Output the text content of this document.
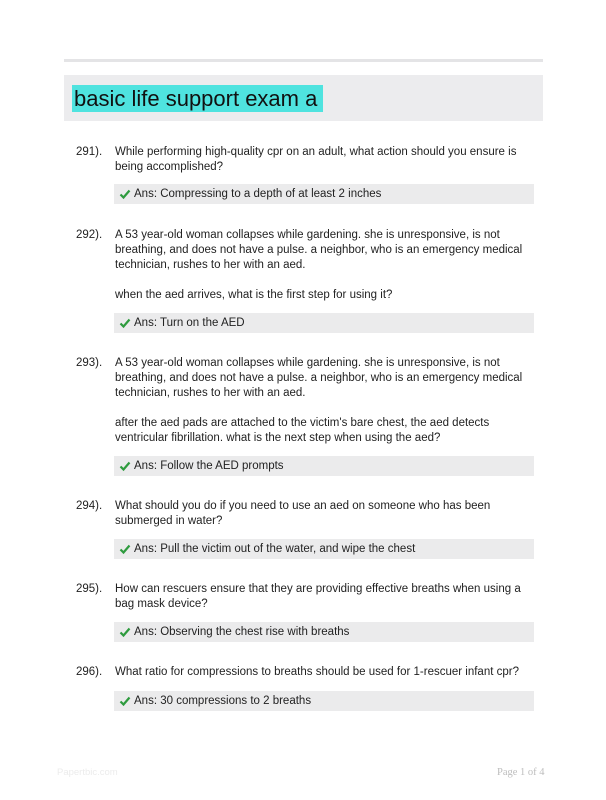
basic life support exam a
291). While performing high-quality cpr on an adult, what action should you ensure is being accomplished?

Ans: Compressing to a depth of at least 2 inches
292). A 53 year-old woman collapses while gardening. she is unresponsive, is not breathing, and does not have a pulse. a neighbor, who is an emergency medical technician, rushes to her with an aed.

when the aed arrives, what is the first step for using it?

Ans: Turn on the AED
293). A 53 year-old woman collapses while gardening. she is unresponsive, is not breathing, and does not have a pulse. a neighbor, who is an emergency medical technician, rushes to her with an aed.

after the aed pads are attached to the victim's bare chest, the aed detects ventricular fibrillation. what is the next step when using the aed?

Ans: Follow the AED prompts
294). What should you do if you need to use an aed on someone who has been submerged in water?

Ans: Pull the victim out of the water, and wipe the chest
295). How can rescuers ensure that they are providing effective breaths when using a bag mask device?

Ans: Observing the chest rise with breaths
296). What ratio for compressions to breaths should be used for 1-rescuer infant cpr?

Ans: 30 compressions to 2 breaths
Papertbic.com	Page 1 of 4
